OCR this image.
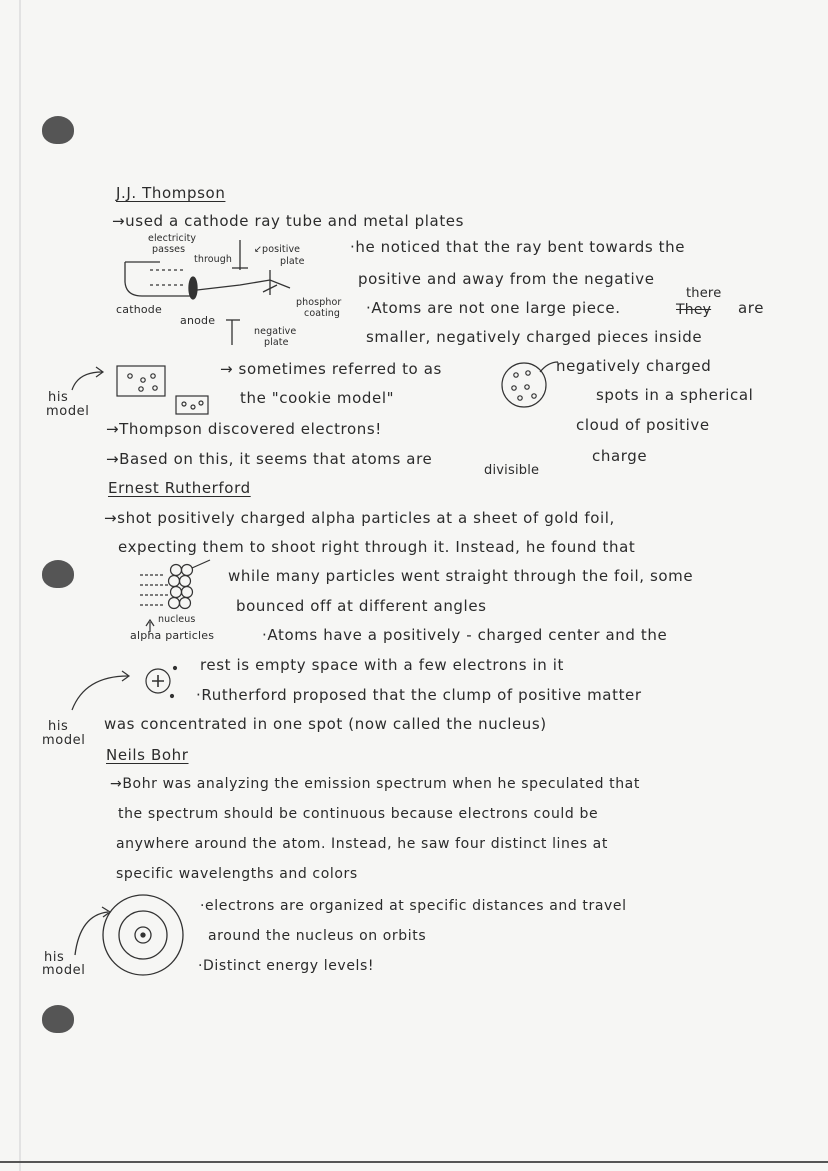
his
model
his
model
his
model
J.J. Thompson
→used a cathode ray tube and metal plates
electricity
passes
through
↙positive
plate
cathode
anode
phosphor
coating
negative
plate
·he noticed that the ray bent towards the
positive and away from the negative
·Atoms are not one large piece.	They
there
are
smaller, negatively charged pieces inside
→ sometimes referred to as
the "cookie model"
negatively charged
spots in a spherical
cloud of positive
charge
→Thompson discovered electrons!
→Based on this, it seems that atoms are
divisible
Ernest Rutherford
→shot positively charged alpha particles at a sheet of gold foil,
expecting them to shoot right through it. Instead, he found that
while many particles went straight through the foil, some
bounced off at different angles
nucleus
alpha particles	·Atoms have a positively - charged center and the
rest is empty space with a few electrons in it
·Rutherford proposed that the clump of positive matter
was concentrated in one spot (now called the nucleus)
Neils Bohr
→Bohr was analyzing the emission spectrum when he speculated that
the spectrum should be continuous because electrons could be
anywhere around the atom. Instead, he saw four distinct lines at
specific wavelengths and colors
·electrons are organized at specific distances and travel
around the nucleus on orbits
·Distinct energy levels!
